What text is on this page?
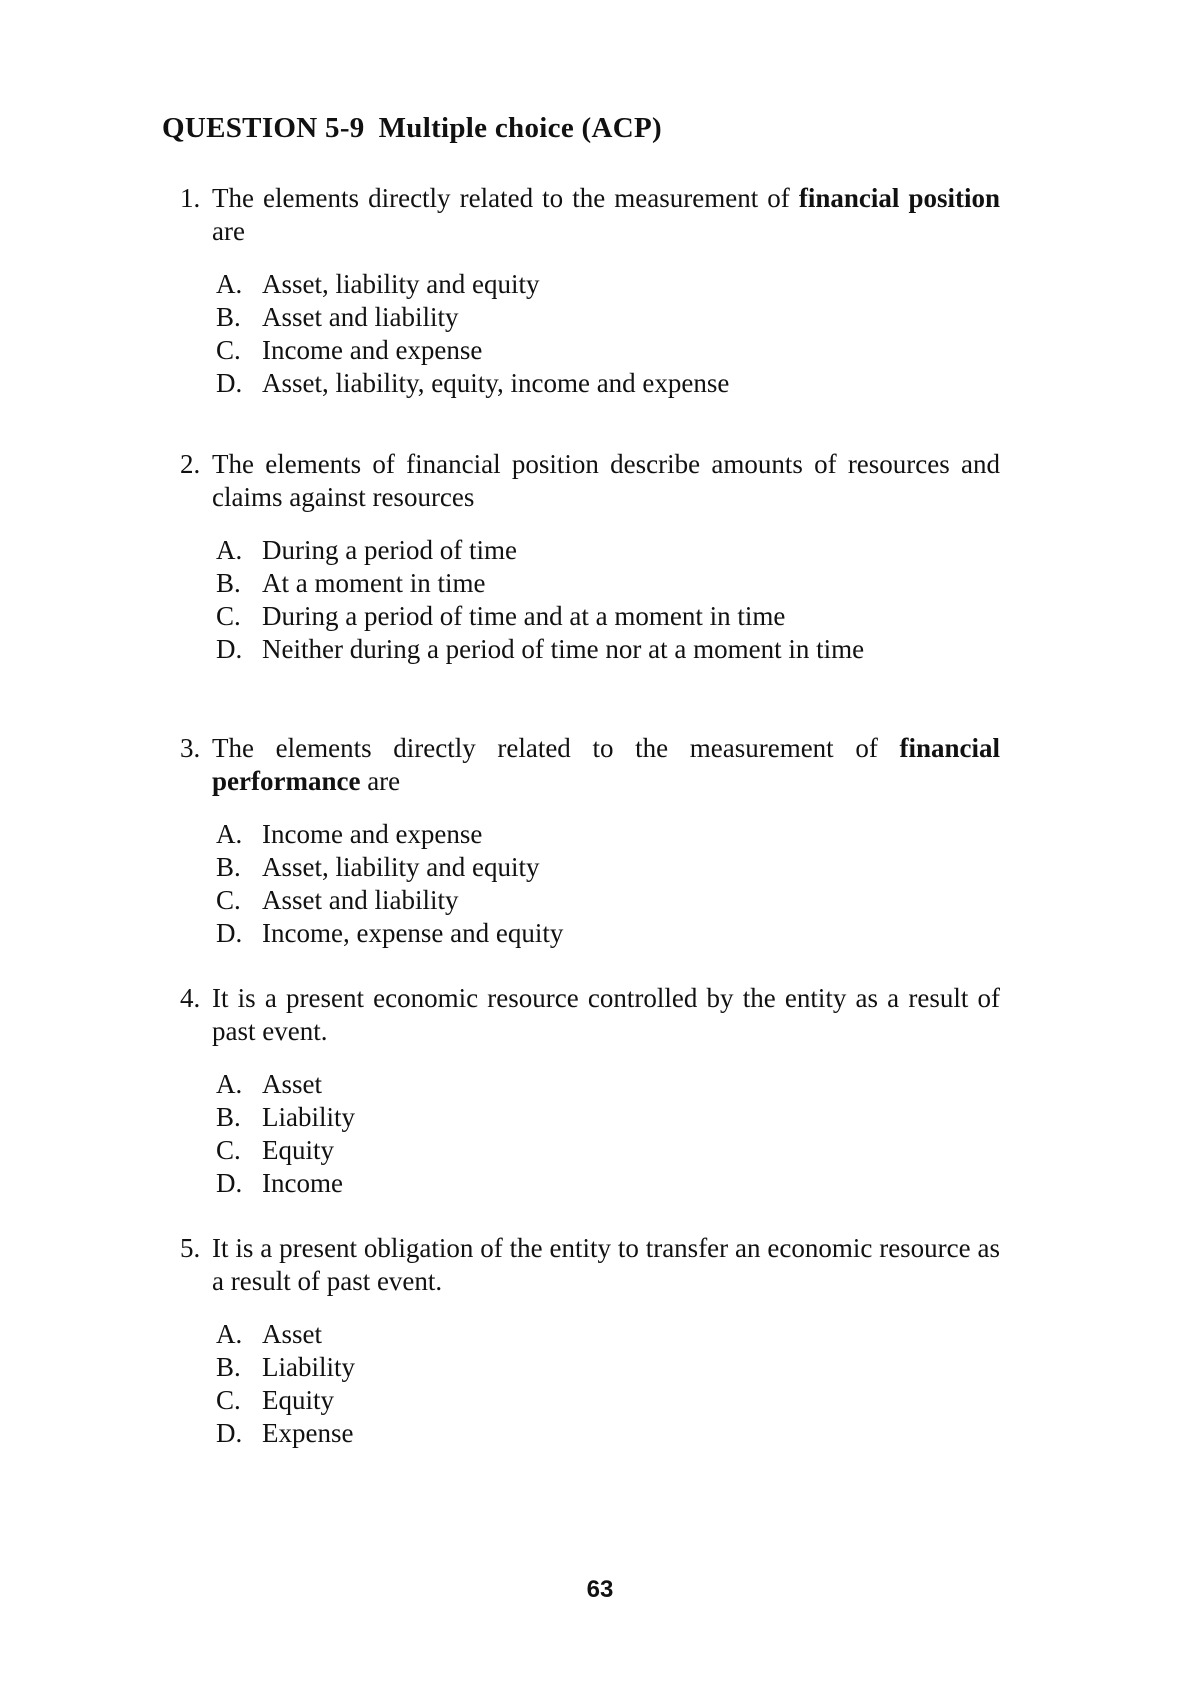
QUESTION 5-9 Multiple choice (ACP)
1. The elements directly related to the measurement of financial position are
A. Asset, liability and equity
B. Asset and liability
C. Income and expense
D. Asset, liability, equity, income and expense
2. The elements of financial position describe amounts of resources and claims against resources
A. During a period of time
B. At a moment in time
C. During a period of time and at a moment in time
D. Neither during a period of time nor at a moment in time
3. The elements directly related to the measurement of financial performance are
A. Income and expense
B. Asset, liability and equity
C. Asset and liability
D. Income, expense and equity
4. It is a present economic resource controlled by the entity as a result of past event.
A. Asset
B. Liability
C. Equity
D. Income
5. It is a present obligation of the entity to transfer an economic resource as a result of past event.
A. Asset
B. Liability
C. Equity
D. Expense
63
